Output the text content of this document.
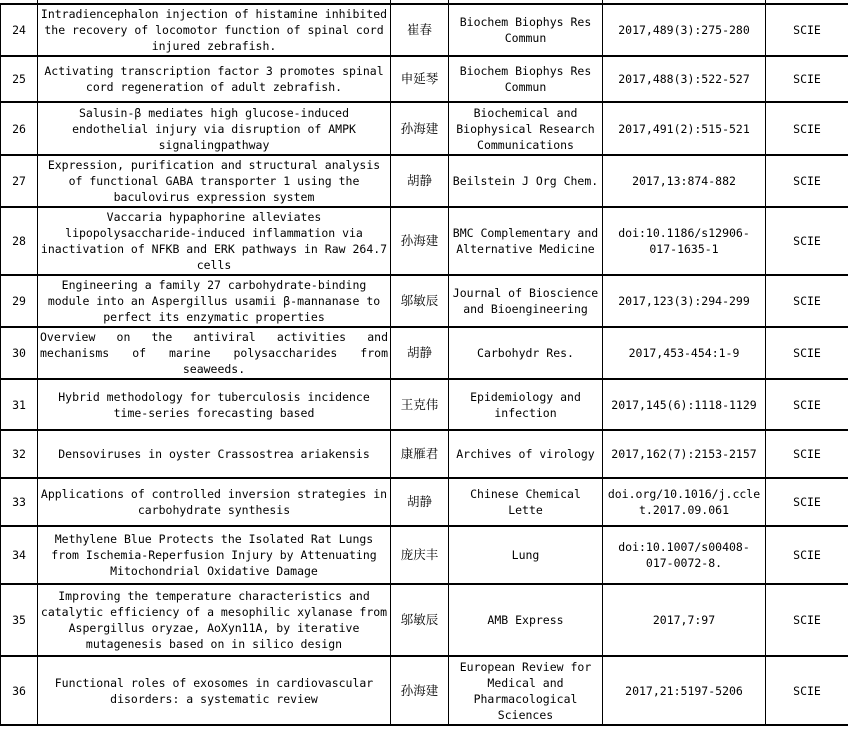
24	Intradiencephalon injection of histamine inhibited the recovery of locomotor function of spinal cord injured zebrafish.	崔春	Biochem Biophys Res Commun	2017,489(3):275-280	SCIE
25	Activating transcription factor 3 promotes spinal cord regeneration of adult zebrafish.	申延琴	Biochem Biophys Res Commun	2017,488(3):522-527	SCIE
26	Salusin-β mediates high glucose-induced endothelial injury via disruption of AMPK signalingpathway	孙海建	Biochemical and Biophysical Research Communications	2017,491(2):515-521	SCIE
27	Expression, purification and structural analysis of functional GABA transporter 1 using the baculovirus expression system	胡静	Beilstein J Org Chem.	2017,13:874-882	SCIE
28	Vaccaria hypaphorine alleviates lipopolysaccharide-induced inflammation via inactivation of NFΚB and ERK pathways in Raw 264.7 cells	孙海建	BMC Complementary and Alternative Medicine	doi:10.1186/s12906-017-1635-1	SCIE
29	Engineering a family 27 carbohydrate-binding module into an Aspergillus usamii β-mannanase to perfect its enzymatic properties	邬敏辰	Journal of Bioscience and Bioengineering	2017,123(3):294-299	SCIE
30	Overview on the antiviral activities and mechanisms of marine polysaccharides from seaweeds.	胡静	Carbohydr Res.	2017,453-454:1-9	SCIE
31	Hybrid methodology for tuberculosis incidence time-series forecasting based	王克伟	Epidemiology and infection	2017,145(6):1118-1129	SCIE
32	Densoviruses in oyster Crassostrea ariakensis	康雁君	Archives of virology	2017,162(7):2153-2157	SCIE
33	Applications of controlled inversion strategies in carbohydrate synthesis	胡静	Chinese Chemical Lette	doi.org/10.1016/j.cclet.2017.09.061	SCIE
34	Methylene Blue Protects the Isolated Rat Lungs from Ischemia-Reperfusion Injury by Attenuating Mitochondrial Oxidative Damage	庞庆丰	Lung	doi:10.1007/s00408-017-0072-8.	SCIE
35	Improving the temperature characteristics and catalytic efficiency of a mesophilic xylanase from Aspergillus oryzae, AoXyn11A, by iterative mutagenesis based on in silico design	邬敏辰	AMB Express	2017,7:97	SCIE
36	Functional roles of exosomes in cardiovascular disorders: a systematic review	孙海建	European Review for Medical and Pharmacological Sciences	2017,21:5197-5206	SCIE
